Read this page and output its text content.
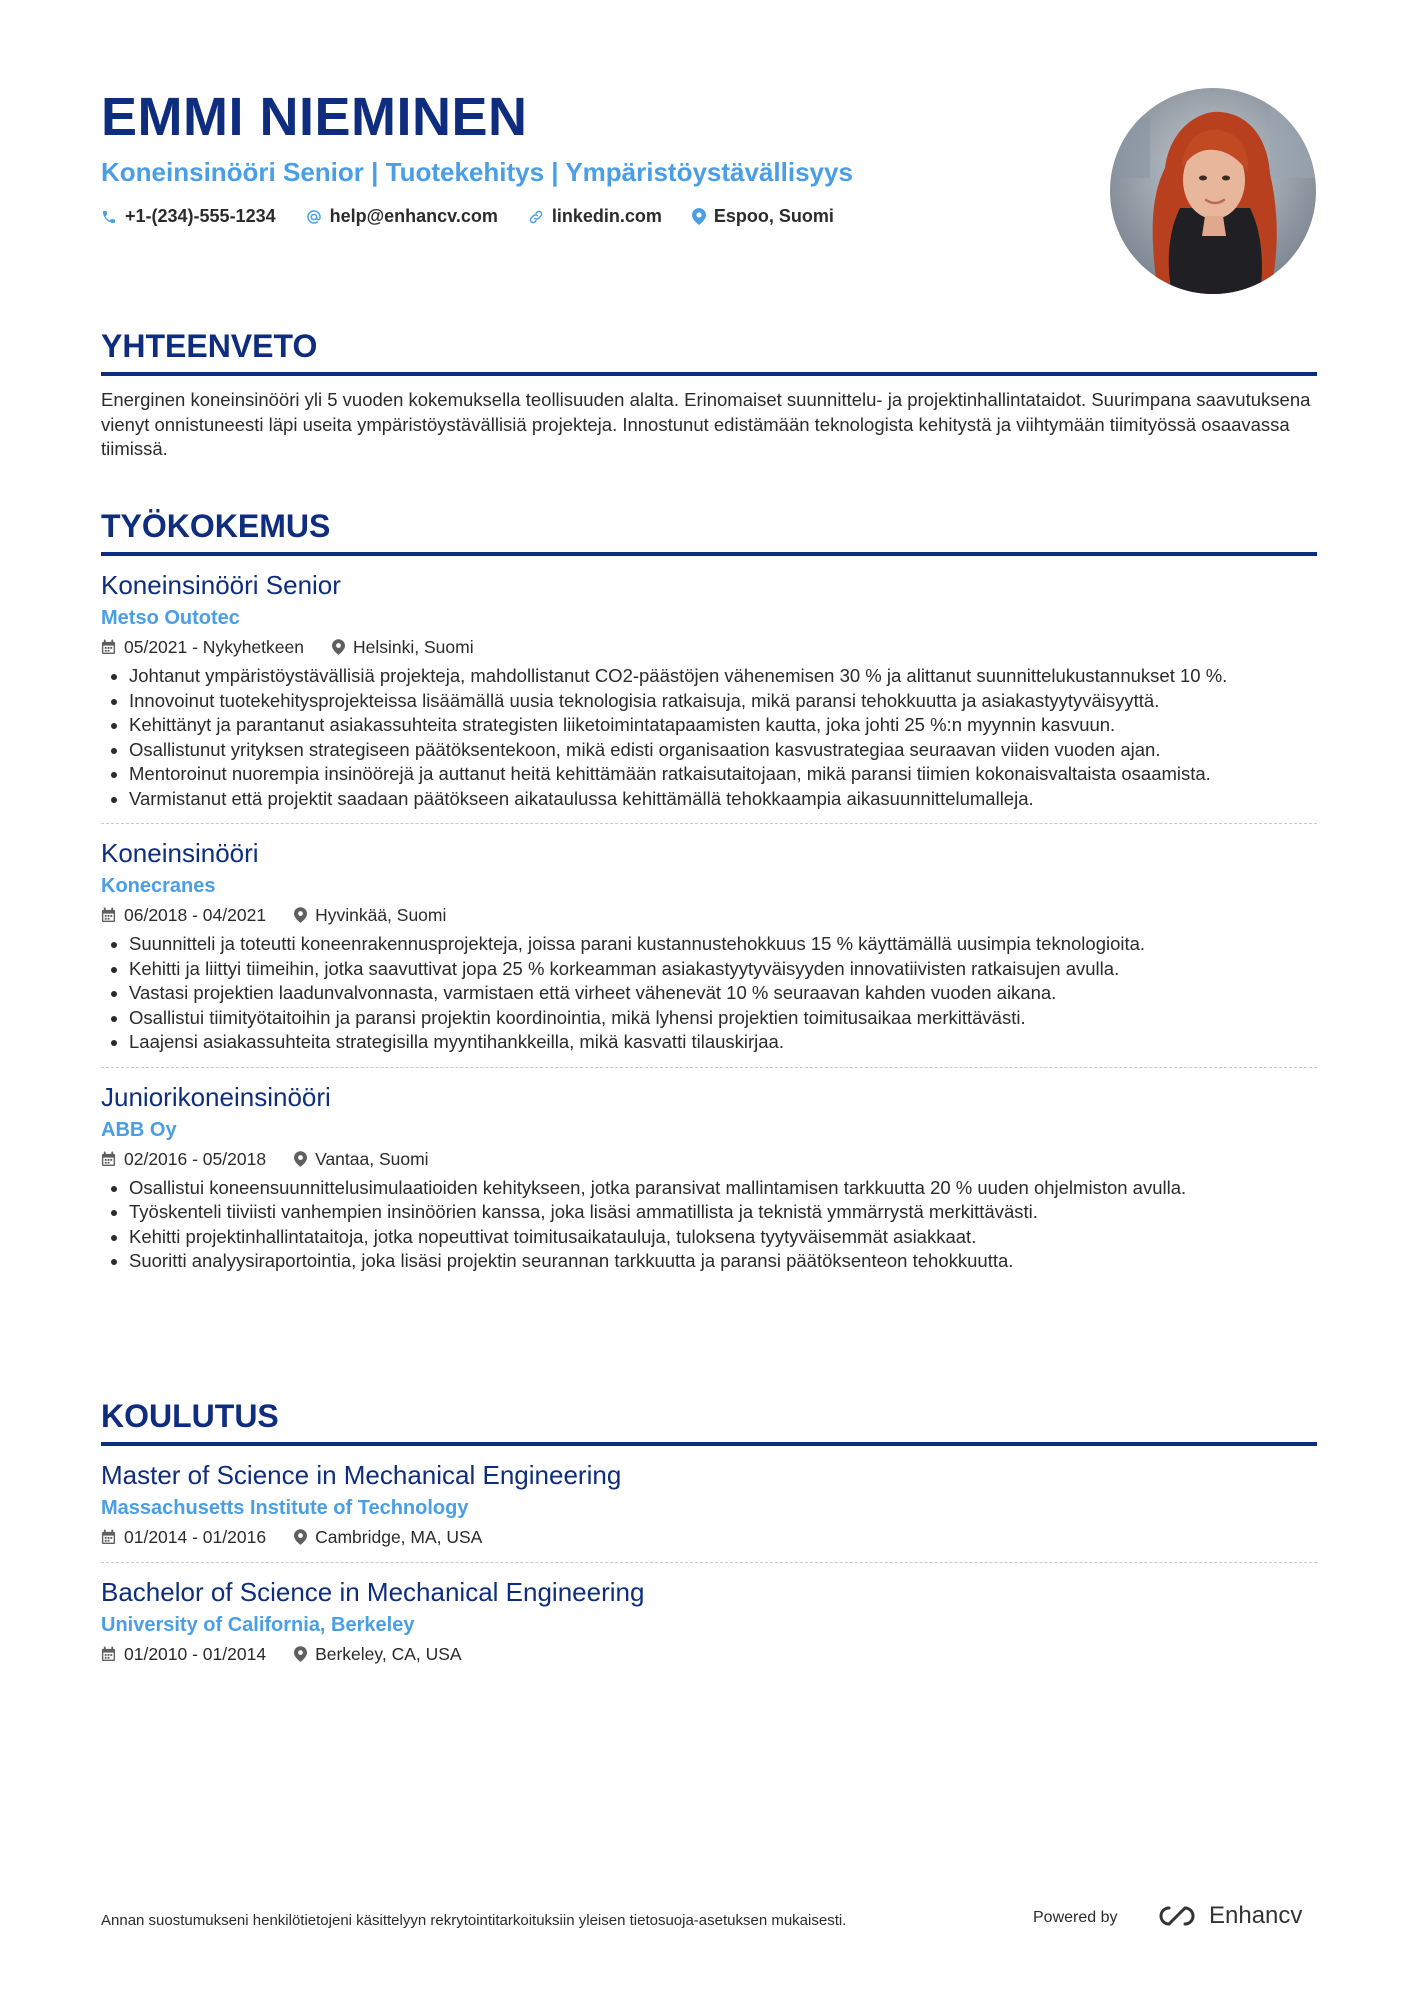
EMMI NIEMINEN
Koneinsinööri Senior | Tuotekehitys | Ympäristöystävällisyys
+1-(234)-555-1234	help@enhancv.com	linkedin.com	Espoo, Suomi
YHTEENVETO

Energinen koneinsinööri yli 5 vuoden kokemuksella teollisuuden alalta. Erinomaiset suunnittelu- ja projektinhallintataidot. Suurimpana saavutuksena vienyt onnistuneesti läpi useita ympäristöystävällisiä projekteja. Innostunut edistämään teknologista kehitystä ja viihtymään tiimityössä osaavassa tiimissä.

TYÖKOKEMUS
Koneinsinööri Senior
Metso Outotec
05/2021 - Nykyhetkeen	Helsinki, Suomi
Johtanut ympäristöystävällisiä projekteja, mahdollistanut CO2-päästöjen vähenemisen 30 % ja alittanut suunnittelukustannukset 10 %.
Innovoinut tuotekehitysprojekteissa lisäämällä uusia teknologisia ratkaisuja, mikä paransi tehokkuutta ja asiakastyytyväisyyttä.
Kehittänyt ja parantanut asiakassuhteita strategisten liiketoimintatapaamisten kautta, joka johti 25 %:n myynnin kasvuun.
Osallistunut yrityksen strategiseen päätöksentekoon, mikä edisti organisaation kasvustrategiaa seuraavan viiden vuoden ajan.
Mentoroinut nuorempia insinöörejä ja auttanut heitä kehittämään ratkaisutaitojaan, mikä paransi tiimien kokonaisvaltaista osaamista.
Varmistanut että projektit saadaan päätökseen aikataulussa kehittämällä tehokkaampia aikasuunnittelumalleja.
Koneinsinööri
Konecranes
06/2018 - 04/2021	Hyvinkää, Suomi
Suunnitteli ja toteutti koneenrakennusprojekteja, joissa parani kustannustehokkuus 15 % käyttämällä uusimpia teknologioita.
Kehitti ja liittyi tiimeihin, jotka saavuttivat jopa 25 % korkeamman asiakastyytyväisyyden innovatiivisten ratkaisujen avulla.
Vastasi projektien laadunvalvonnasta, varmistaen että virheet vähenevät 10 % seuraavan kahden vuoden aikana.
Osallistui tiimityötaitoihin ja paransi projektin koordinointia, mikä lyhensi projektien toimitusaikaa merkittävästi.
Laajensi asiakassuhteita strategisilla myyntihankkeilla, mikä kasvatti tilauskirjaa.
Juniorikoneinsinööri
ABB Oy
02/2016 - 05/2018	Vantaa, Suomi
Osallistui koneensuunnittelusimulaatioiden kehitykseen, jotka paransivat mallintamisen tarkkuutta 20 % uuden ohjelmiston avulla.
Työskenteli tiiviisti vanhempien insinöörien kanssa, joka lisäsi ammatillista ja teknistä ymmärrystä merkittävästi.
Kehitti projektinhallintataitoja, jotka nopeuttivat toimitusaikatauluja, tuloksena tyytyväisemmät asiakkaat.
Suoritti analyysiraportointia, joka lisäsi projektin seurannan tarkkuutta ja paransi päätöksenteon tehokkuutta.
KOULUTUS
Master of Science in Mechanical Engineering
Massachusetts Institute of Technology
01/2014 - 01/2016	Cambridge, MA, USA
Bachelor of Science in Mechanical Engineering
University of California, Berkeley
01/2010 - 01/2014	Berkeley, CA, USA
Annan suostumukseni henkilötietojeni käsittelyyn rekrytointitarkoituksiin yleisen tietosuoja-asetuksen mukaisesti.	Powered by	Enhancv
